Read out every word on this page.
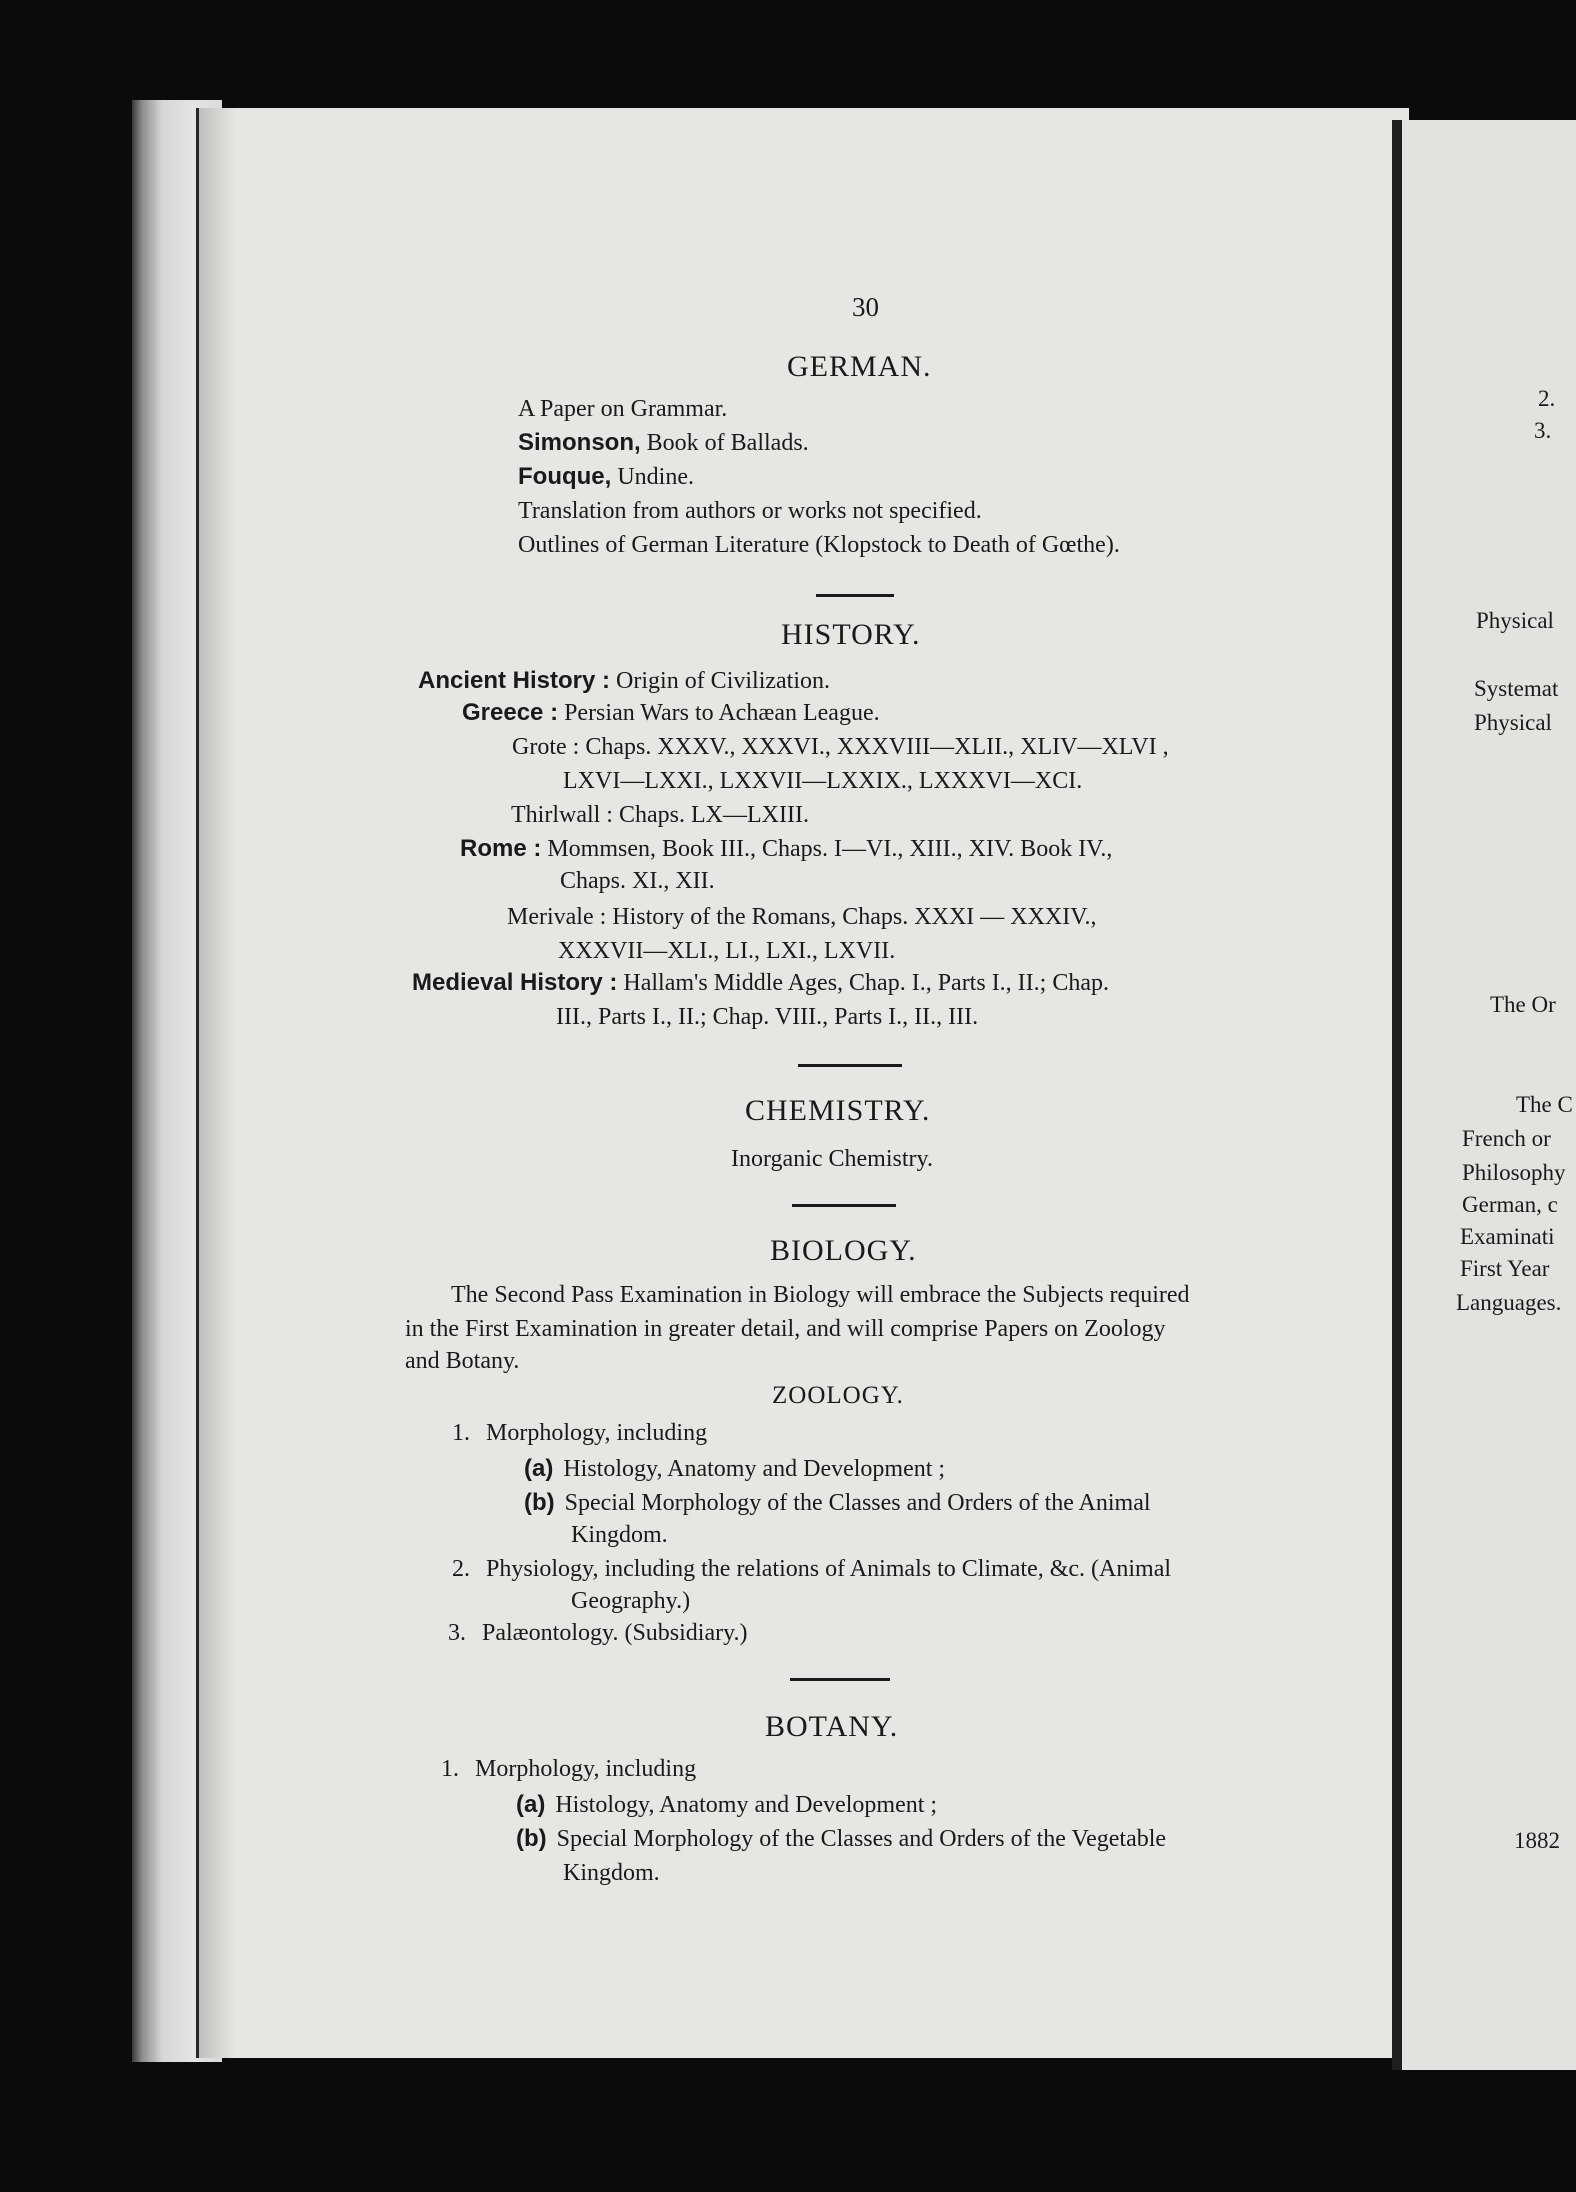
30
GERMAN.
A Paper on Grammar.
Simonson, Book of Ballads.
Fouque, Undine.
Translation from authors or works not specified.
Outlines of German Literature (Klopstock to Death of Gœthe).
HISTORY.
Ancient History : Origin of Civilization.
Greece : Persian Wars to Achæan League.
Grote : Chaps. XXXV., XXXVI., XXXVIII—XLII., XLIV—XLVI ,
LXVI—LXXI., LXXVII—LXXIX., LXXXVI—XCI.
Thirlwall : Chaps. LX—LXIII.
Rome : Mommsen, Book III., Chaps. I—VI., XIII., XIV. Book IV.,
Chaps. XI., XII.
Merivale : History of the Romans, Chaps. XXXI — XXXIV.,
XXXVII—XLI., LI., LXI., LXVII.
Medieval History : Hallam's Middle Ages, Chap. I., Parts I., II.; Chap.
III., Parts I., II.; Chap. VIII., Parts I., II., III.
CHEMISTRY.
Inorganic Chemistry.
BIOLOGY.
The Second Pass Examination in Biology will embrace the Subjects required
in the First Examination in greater detail, and will comprise Papers on Zoology
and Botany.
ZOOLOGY.
1. Morphology, including
(a) Histology, Anatomy and Development ;
(b) Special Morphology of the Classes and Orders of the Animal
Kingdom.
2. Physiology, including the relations of Animals to Climate, &c. (Animal
Geography.)
3. Palæontology. (Subsidiary.)
BOTANY.
1. Morphology, including
(a) Histology, Anatomy and Development ;
(b) Special Morphology of the Classes and Orders of the Vegetable
Kingdom.
2.
3.
Physical
Systemat
Physical
The Or
The C
French or
Philosophy
German, c
Examinati
First Year
Languages.
1882
